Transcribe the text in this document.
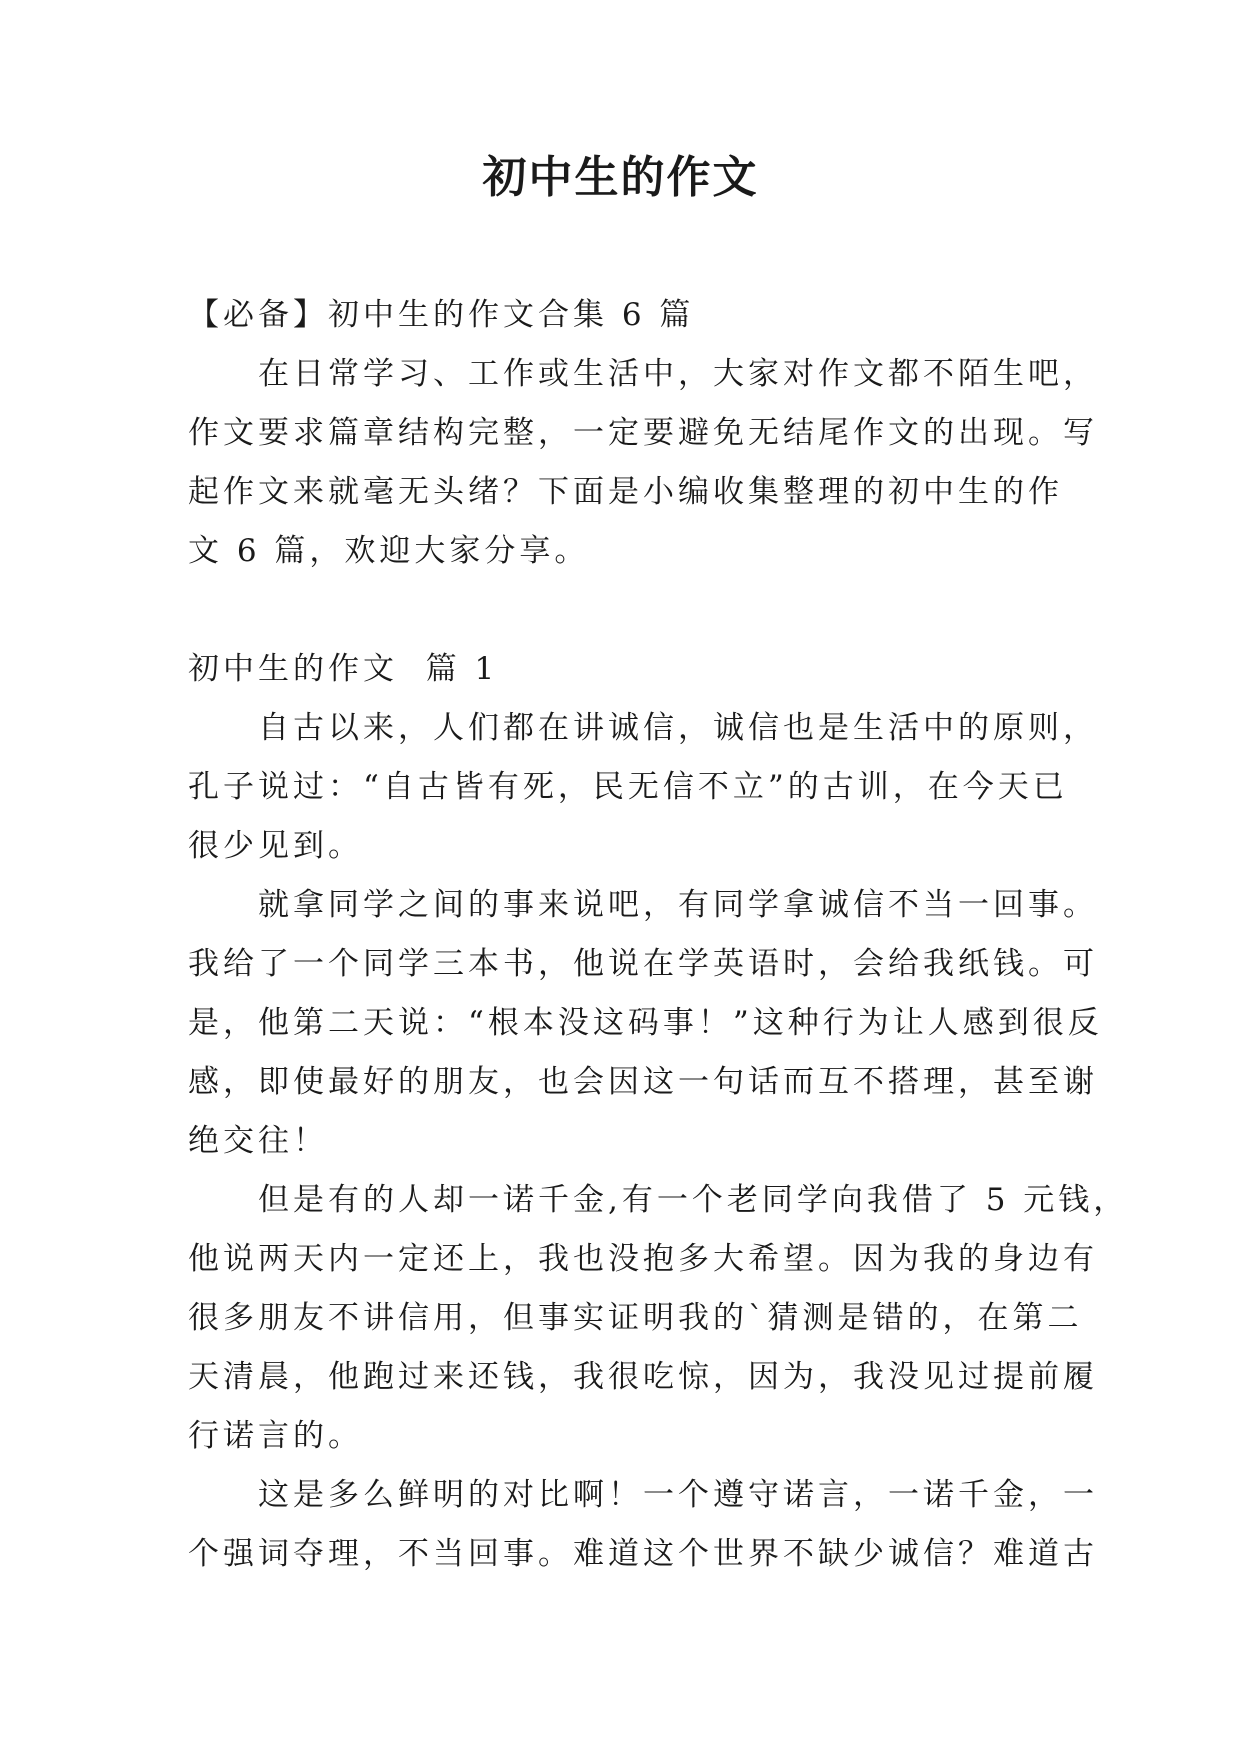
初中生的作文

【必备】初中生的作文合集 6 篇

在日常学习、工作或生活中，大家对作文都不陌生吧，

作文要求篇章结构完整，一定要避免无结尾作文的出现。写

起作文来就毫无头绪？下面是小编收集整理的初中生的作

文 6 篇，欢迎大家分享。

初中生的作文  篇 1

自古以来，人们都在讲诚信，诚信也是生活中的原则，

孔子说过：“自古皆有死，民无信不立”的古训，在今天已

很少见到。

就拿同学之间的事来说吧，有同学拿诚信不当一回事。

我给了一个同学三本书，他说在学英语时，会给我纸钱。可

是，他第二天说：“根本没这码事！”这种行为让人感到很反

感，即使最好的朋友，也会因这一句话而互不搭理，甚至谢

绝交往！

但是有的人却一诺千金,有一个老同学向我借了 5 元钱，

他说两天内一定还上，我也没抱多大希望。因为我的身边有

很多朋友不讲信用，但事实证明我的`猜测是错的，在第二

天清晨，他跑过来还钱，我很吃惊，因为，我没见过提前履

行诺言的。

这是多么鲜明的对比啊！一个遵守诺言，一诺千金，一

个强词夺理，不当回事。难道这个世界不缺少诚信？难道古
